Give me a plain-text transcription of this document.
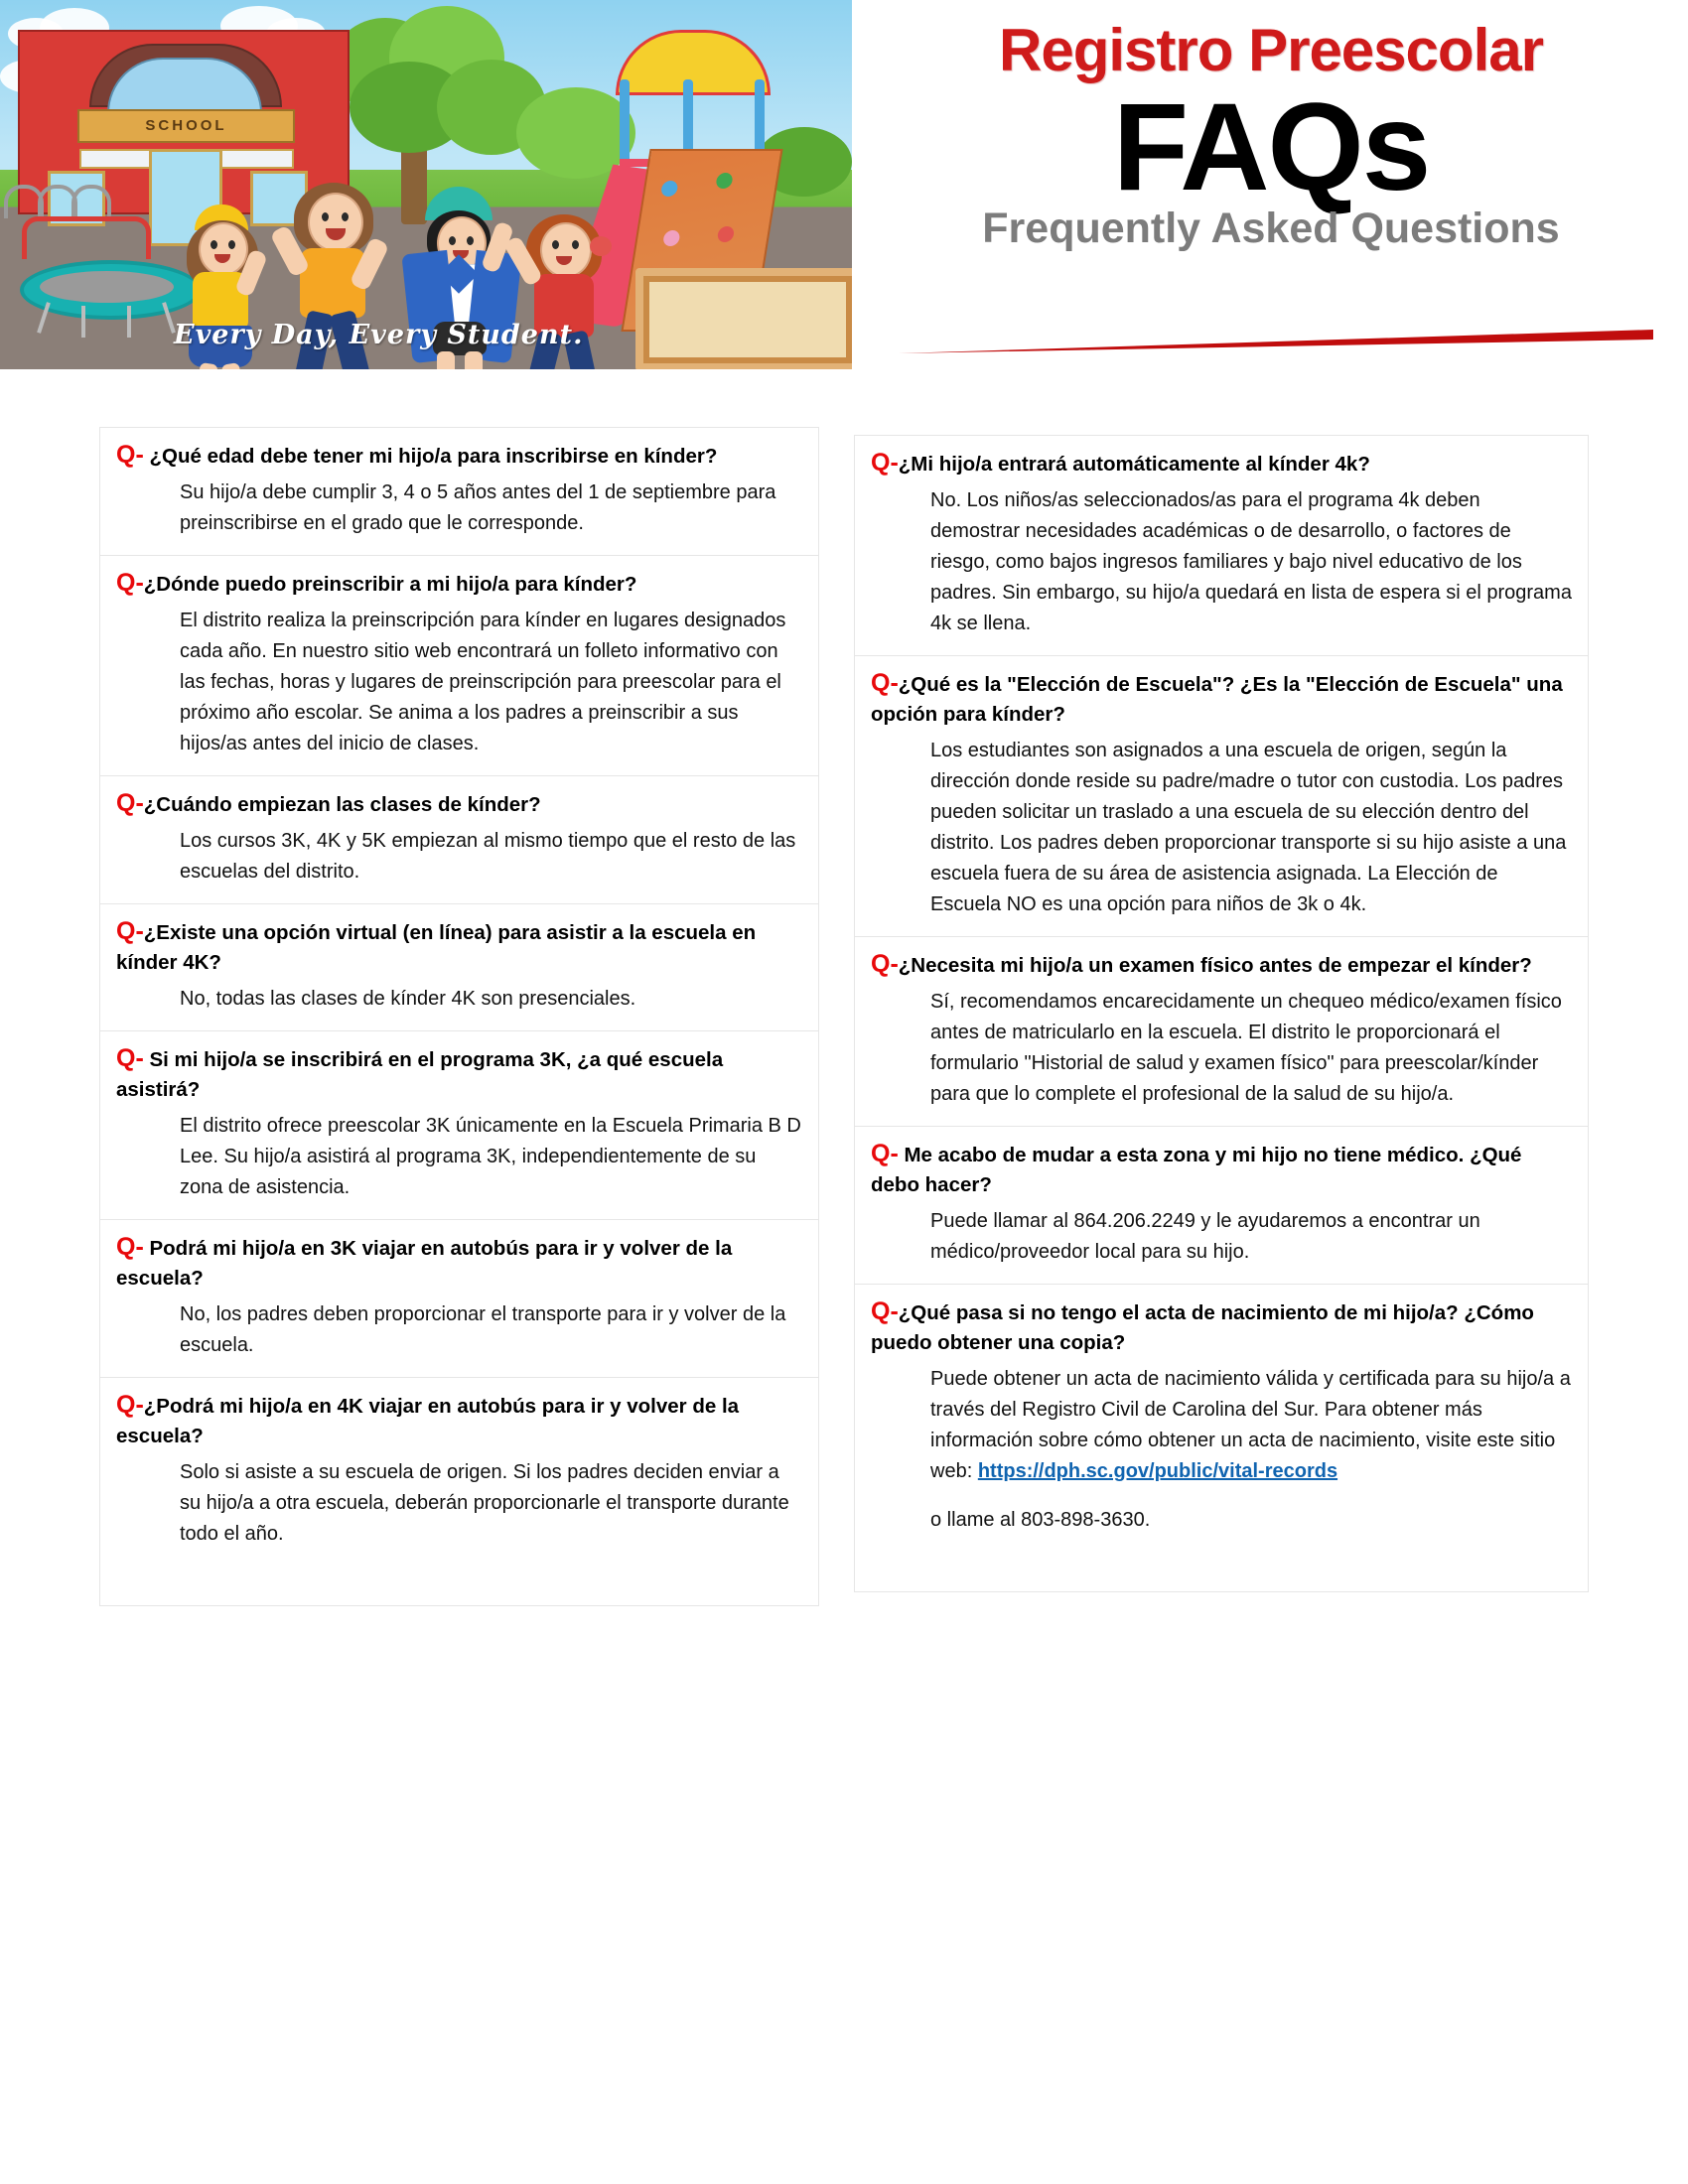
SCHOOL
Every Day, Every Student.
Registro Preescolar
FAQs
Frequently Asked Questions
Q- ¿Qué edad debe tener mi hijo/a para inscribirse en kínder?
Su hijo/a debe cumplir 3, 4 o 5 años antes del 1 de septiembre para preinscribirse en el grado que le corresponde.
Q-¿Dónde puedo preinscribir a mi hijo/a para kínder?
El distrito realiza la preinscripción para kínder en lugares designados cada año. En nuestro sitio web encontrará un folleto informativo con las fechas, horas y lugares de preinscripción para preescolar para el próximo año escolar. Se anima a los padres a preinscribir a sus hijos/as antes del inicio de clases.
Q-¿Cuándo empiezan las clases de kínder?
Los cursos 3K, 4K y 5K empiezan al mismo tiempo que el resto de las escuelas del distrito.
Q-¿Existe una opción virtual (en línea) para asistir a la escuela en kínder 4K?
No, todas las clases de kínder 4K son presenciales.
Q- Si mi hijo/a se inscribirá en el programa 3K, ¿a qué escuela asistirá?
El distrito ofrece preescolar 3K únicamente en la Escuela Primaria B D Lee. Su hijo/a asistirá al programa 3K, independientemente de su zona de asistencia.
Q- Podrá mi hijo/a en 3K viajar en autobús para ir y volver de la escuela?
No, los padres deben proporcionar el transporte para ir y volver de la escuela.
Q-¿Podrá mi hijo/a en 4K viajar en autobús para ir y volver de la escuela?
Solo si asiste a su escuela de origen. Si los padres deciden enviar a su hijo/a a otra escuela, deberán proporcionarle el transporte durante todo el año.
Q-¿Mi hijo/a entrará automáticamente al kínder 4k?
No. Los niños/as seleccionados/as para el programa 4k deben demostrar necesidades académicas o de desarrollo, o factores de riesgo, como bajos ingresos familiares y bajo nivel educativo de los padres. Sin embargo, su hijo/a quedará en lista de espera si el programa 4k se llena.
Q-¿Qué es la "Elección de Escuela"? ¿Es la "Elección de Escuela" una opción para kínder?
Los estudiantes son asignados a una escuela de origen, según la dirección donde reside su padre/madre o tutor con custodia. Los padres pueden solicitar un traslado a una escuela de su elección dentro del distrito. Los padres deben proporcionar transporte si su hijo asiste a una escuela fuera de su área de asistencia asignada. La Elección de Escuela NO es una opción para niños de 3k o 4k.
Q-¿Necesita mi hijo/a un examen físico antes de empezar el kínder?
Sí, recomendamos encarecidamente un chequeo médico/examen físico antes de matricularlo en la escuela. El distrito le proporcionará el formulario "Historial de salud y examen físico" para preescolar/kínder para que lo complete el profesional de la salud de su hijo/a.
Q- Me acabo de mudar a esta zona y mi hijo no tiene médico. ¿Qué debo hacer?
Puede llamar al 864.206.2249 y le ayudaremos a encontrar un médico/proveedor local para su hijo.
Q-¿Qué pasa si no tengo el acta de nacimiento de mi hijo/a? ¿Cómo puedo obtener una copia?
Puede obtener un acta de nacimiento válida y certificada para su hijo/a a través del Registro Civil de Carolina del Sur. Para obtener más información sobre cómo obtener un acta de nacimiento, visite este sitio web: https://dph.sc.gov/public/vital-records
o llame al 803-898-3630.
